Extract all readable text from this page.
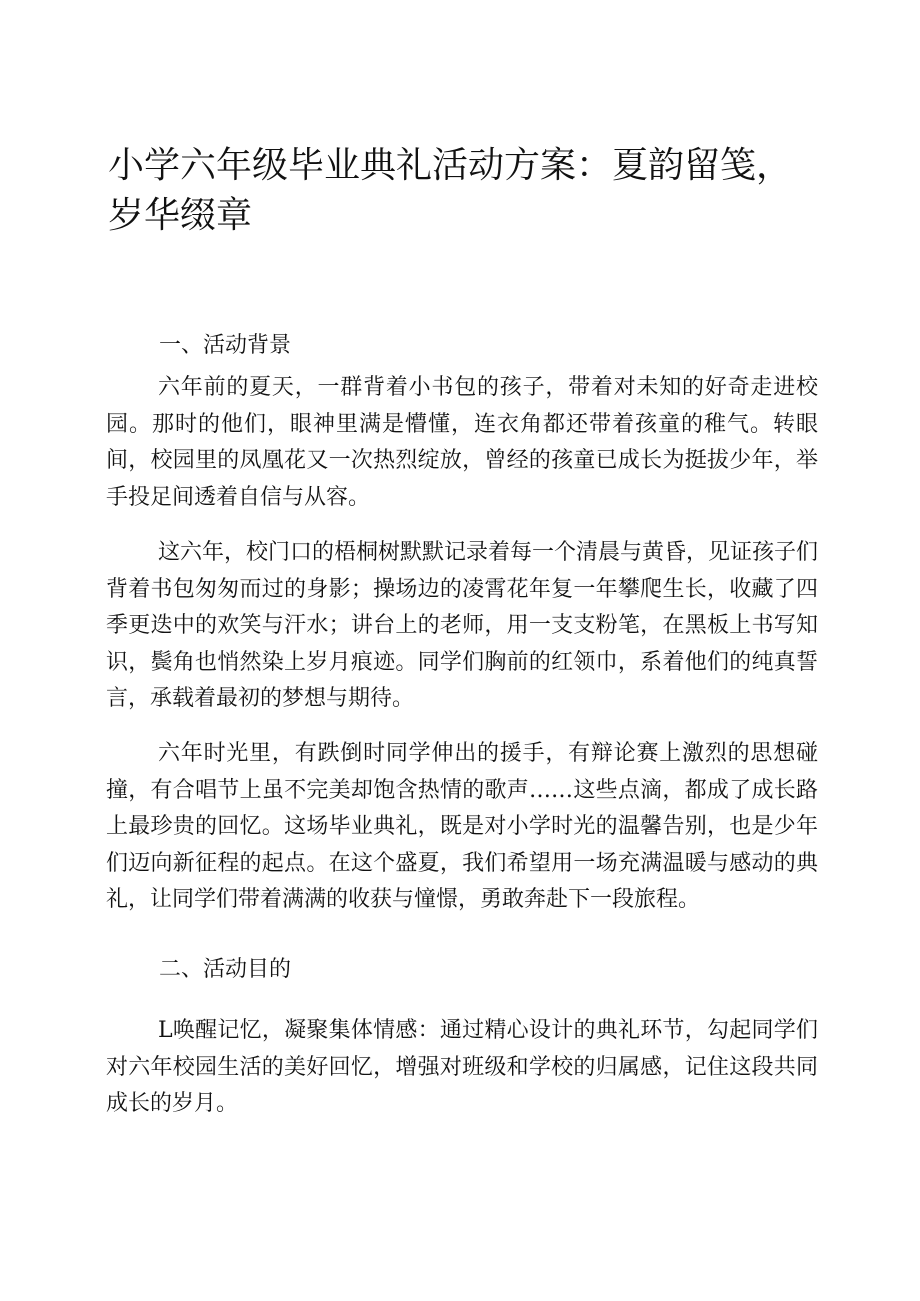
小学六年级毕业典礼活动方案：夏韵留笺，岁华缀章
一、活动背景

六年前的夏天，一群背着小书包的孩子，带着对未知的好奇走进校园。那时的他们，眼神里满是懵懂，连衣角都还带着孩童的稚气。转眼间，校园里的凤凰花又一次热烈绽放，曾经的孩童已成长为挺拔少年，举手投足间透着自信与从容。

这六年，校门口的梧桐树默默记录着每一个清晨与黄昏，见证孩子们背着书包匆匆而过的身影；操场边的凌霄花年复一年攀爬生长，收藏了四季更迭中的欢笑与汗水；讲台上的老师，用一支支粉笔，在黑板上书写知识，鬓角也悄然染上岁月痕迹。同学们胸前的红领巾，系着他们的纯真誓言，承载着最初的梦想与期待。

六年时光里，有跌倒时同学伸出的援手，有辩论赛上激烈的思想碰撞，有合唱节上虽不完美却饱含热情的歌声……这些点滴，都成了成长路上最珍贵的回忆。这场毕业典礼，既是对小学时光的温馨告别，也是少年们迈向新征程的起点。在这个盛夏，我们希望用一场充满温暖与感动的典礼，让同学们带着满满的收获与憧憬，勇敢奔赴下一段旅程。

二、活动目的

L唤醒记忆，凝聚集体情感：通过精心设计的典礼环节，勾起同学们对六年校园生活的美好回忆，增强对班级和学校的归属感，记住这段共同成长的岁月。
